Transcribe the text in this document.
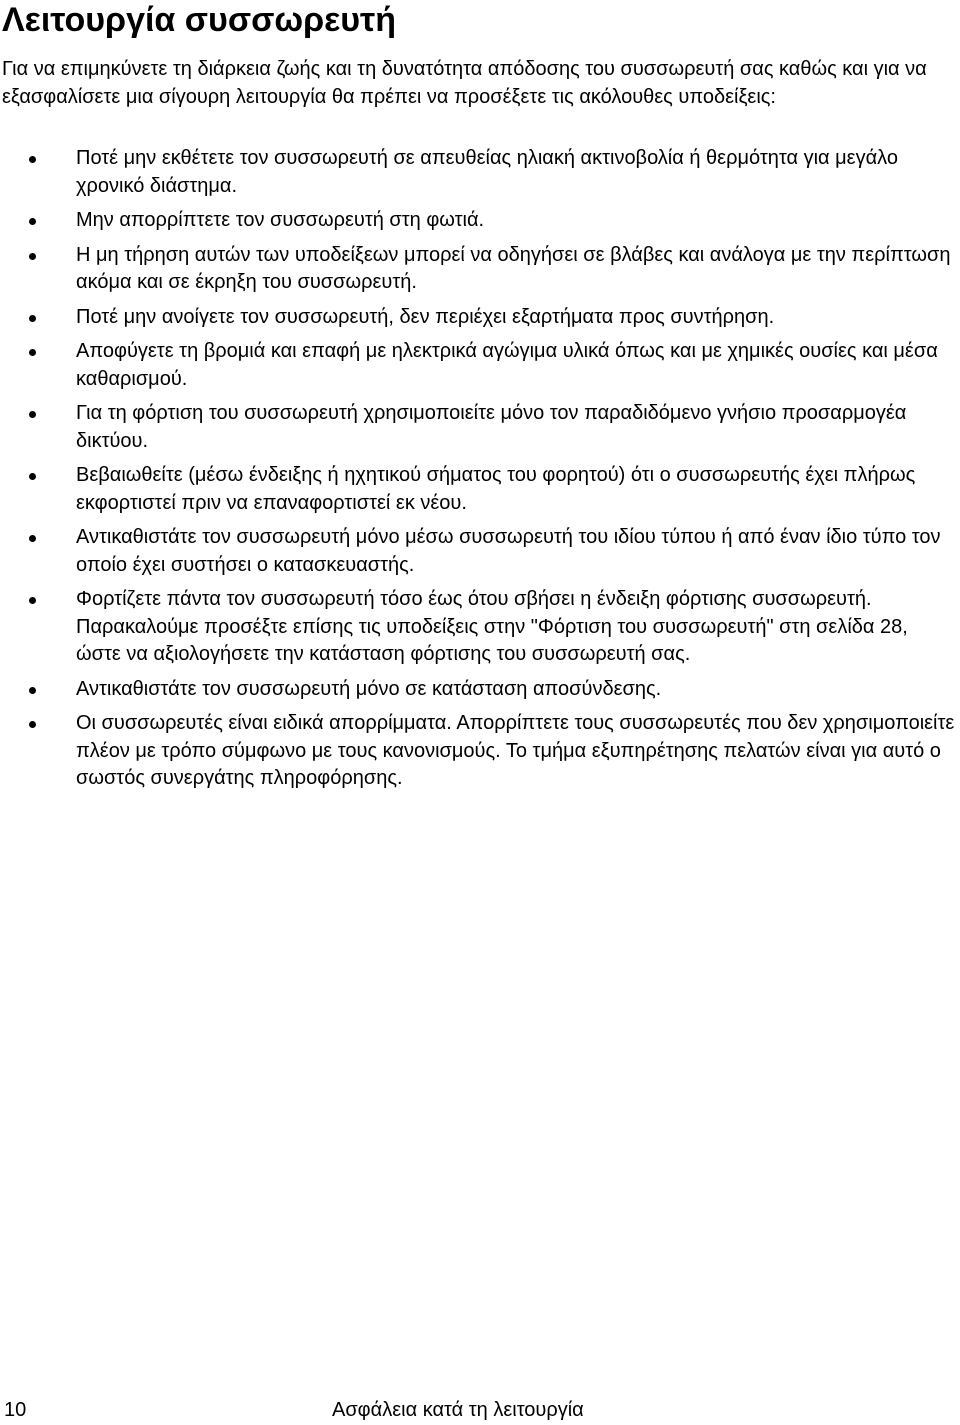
Λειτουργία συσσωρευτή

Για να επιμηκύνετε τη διάρκεια ζωής και τη δυνατότητα απόδοσης του συσσωρευτή σας καθώς και για να εξασφαλίσετε μια σίγουρη λειτουργία θα πρέπει να προσέξετε τις ακόλουθες υποδείξεις:

Ποτέ μην εκθέτετε τον συσσωρευτή σε απευθείας ηλιακή ακτινοβολία ή θερμότητα για μεγάλο χρονικό διάστημα.
Μην απορρίπτετε τον συσσωρευτή στη φωτιά.
Η μη τήρηση αυτών των υποδείξεων μπορεί να οδηγήσει σε βλάβες και ανάλογα με την περίπτωση ακόμα και σε έκρηξη του συσσωρευτή.
Ποτέ μην ανοίγετε τον συσσωρευτή, δεν περιέχει εξαρτήματα προς συντήρηση.
Αποφύγετε τη βρομιά και επαφή με ηλεκτρικά αγώγιμα υλικά όπως και με χημικές ουσίες και μέσα καθαρισμού.
Για τη φόρτιση του συσσωρευτή χρησιμοποιείτε μόνο τον παραδιδόμενο γνήσιο προσαρμογέα δικτύου.
Βεβαιωθείτε (μέσω ένδειξης ή ηχητικού σήματος του φορητού) ότι ο συσσωρευτής έχει πλήρως εκφορτιστεί πριν να επαναφορτιστεί εκ νέου.
Αντικαθιστάτε τον συσσωρευτή μόνο μέσω συσσωρευτή του ιδίου τύπου ή από έναν ίδιο τύπο τον οποίο έχει συστήσει ο κατασκευαστής.
Φορτίζετε πάντα τον συσσωρευτή τόσο έως ότου σβήσει η ένδειξη φόρτισης συσσωρευτή. Παρακαλούμε προσέξτε επίσης τις υποδείξεις στην "Φόρτιση του συσσωρευτή" στη σελίδα 28, ώστε να αξιολογήσετε την κατάσταση φόρτισης του συσσωρευτή σας.
Αντικαθιστάτε τον συσσωρευτή μόνο σε κατάσταση αποσύνδεσης.
Οι συσσωρευτές είναι ειδικά απορρίμματα. Απορρίπτετε τους συσσωρευτές που δεν χρησιμοποιείτε πλέον με τρόπο σύμφωνο με τους κανονισμούς. Το τμήμα εξυπηρέτησης πελατών είναι για αυτό ο σωστός συνεργάτης πληροφόρησης.
10	Ασφάλεια κατά τη λειτουργία
